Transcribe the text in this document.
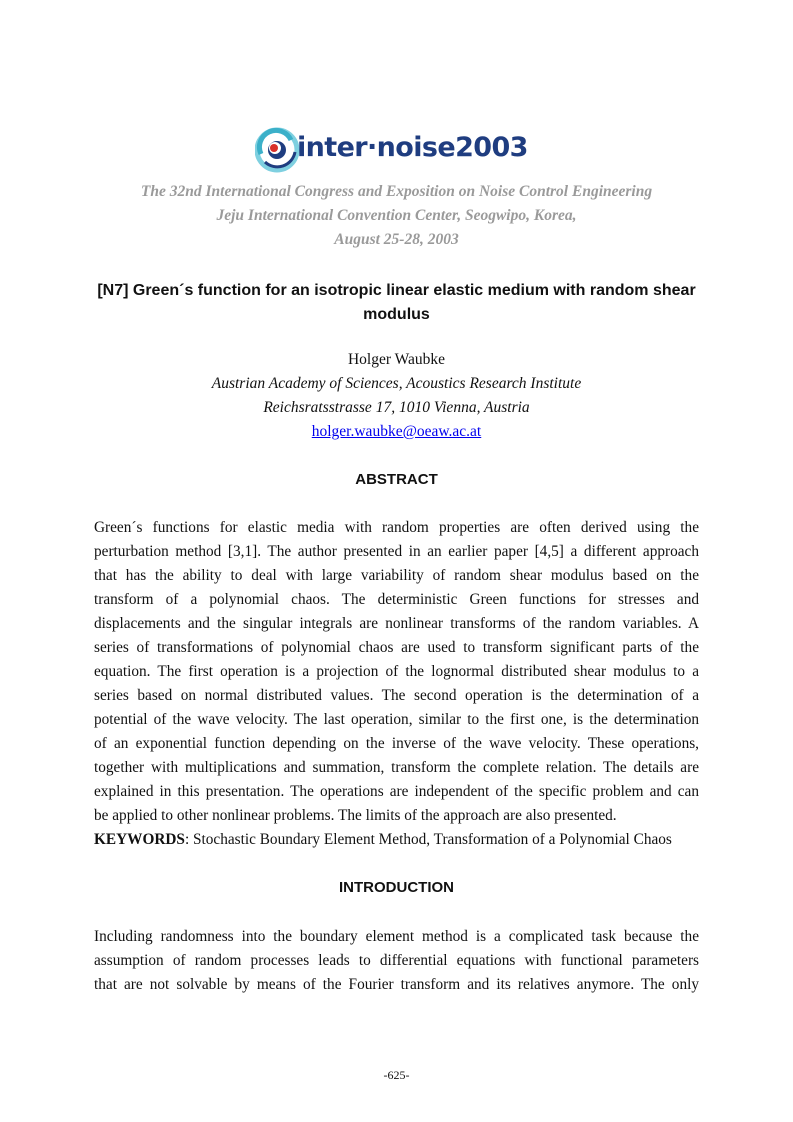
inter·noise2003
The 32nd International Congress and Exposition on Noise Control Engineering
Jeju International Convention Center, Seogwipo, Korea,
August 25-28, 2003
[N7] Green´s function for an isotropic linear elastic medium with random shear
modulus
Holger Waubke
Austrian Academy of Sciences, Acoustics Research Institute
Reichsratsstrasse 17, 1010 Vienna, Austria
holger.waubke@oeaw.ac.at
ABSTRACT
Green´s functions for elastic media with random properties are often derived using the
perturbation method [3,1]. The author presented in an earlier paper [4,5] a different approach
that has the ability to deal with large variability of random shear modulus based on the
transform of a polynomial chaos. The deterministic Green functions for stresses and
displacements and the singular integrals are nonlinear transforms of the random variables. A
series of transformations of polynomial chaos are used to transform significant parts of the
equation. The first operation is a projection of the lognormal distributed shear modulus to a
series based on normal distributed values. The second operation is the determination of a
potential of the wave velocity. The last operation, similar to the first one, is the determination
of an exponential function depending on the inverse of the wave velocity. These operations,
together with multiplications and summation, transform the complete relation. The details are
explained in this presentation. The operations are independent of the specific problem and can
be applied to other nonlinear problems. The limits of the approach are also presented.
KEYWORDS: Stochastic Boundary Element Method, Transformation of a Polynomial Chaos
INTRODUCTION
Including randomness into the boundary element method is a complicated task because the
assumption of random processes leads to differential equations with functional parameters
that are not solvable by means of the Fourier transform and its relatives anymore. The only
-625-
